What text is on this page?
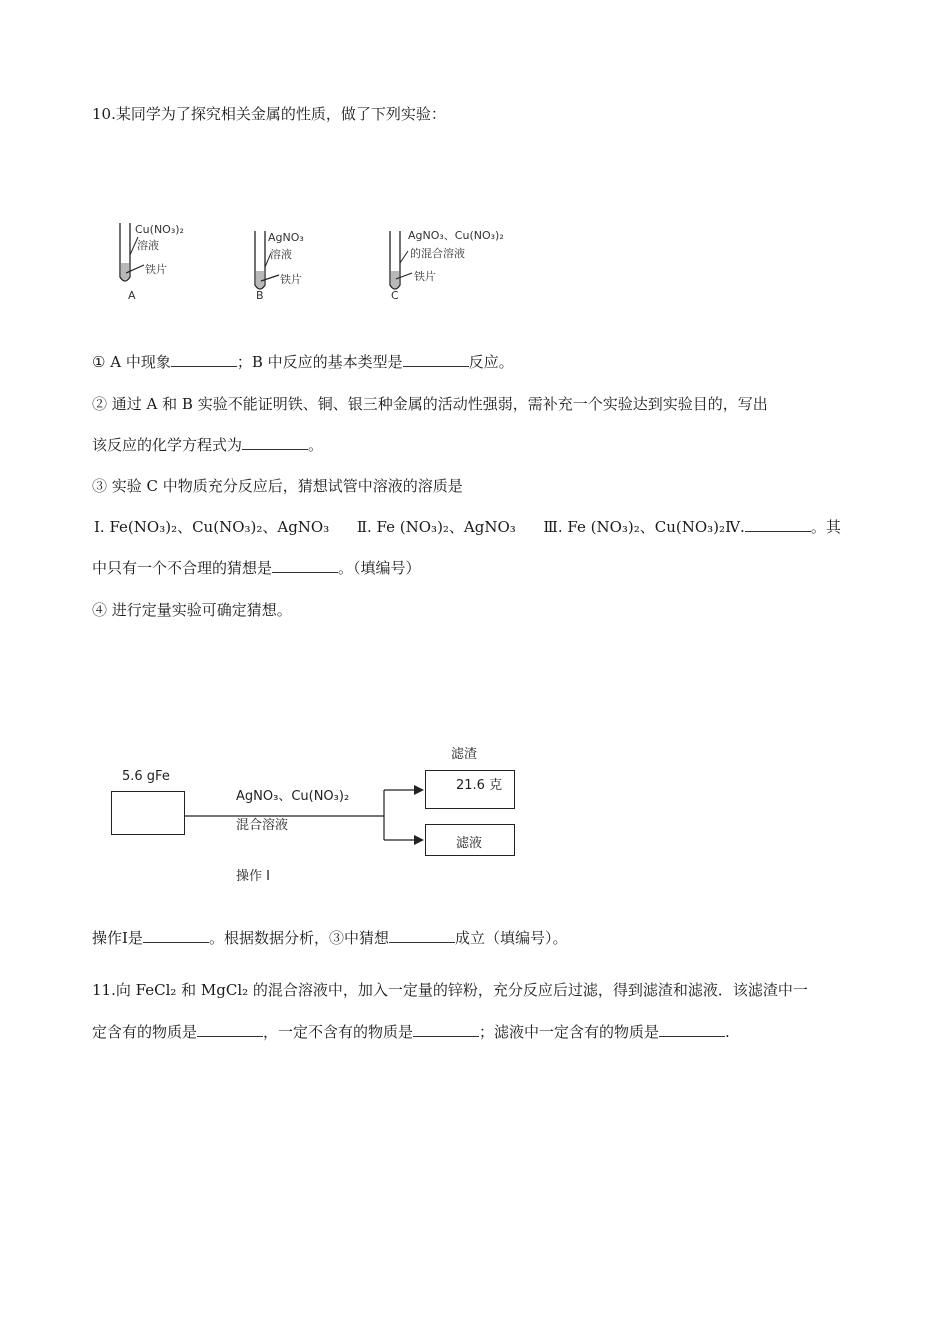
10.某同学为了探究相关金属的性质，做了下列实验：
Cu(NO₃)₂
溶液
铁片
A
AgNO₃
溶液
铁片
B
AgNO₃、Cu(NO₃)₂
的混合溶液
铁片
C
① A 中现象	；B 中反应的基本类型是	反应。
② 通过 A 和 B 实验不能证明铁、铜、银三种金属的活动性强弱，需补充一个实验达到实验目的，写出
该反应的化学方程式为	。
③ 实验 C 中物质充分反应后，猜想试管中溶液的溶质是
Ⅰ. Fe(NO₃)₂、Cu(NO₃)₂、AgNO₃ Ⅱ. Fe (NO₃)₂、AgNO₃ Ⅲ. Fe (NO₃)₂、Cu(NO₃)₂Ⅳ.	。其
中只有一个不合理的猜想是	。（填编号）
④ 进行定量实验可确定猜想。
5.6 gFe
AgNO₃、Cu(NO₃)₂
混合溶液
操作 I
滤渣
21.6 克
滤液
操作Ⅰ是	。根据数据分析，③中猜想	成立（填编号）。
11.向 FeCl₂ 和 MgCl₂ 的混合溶液中，加入一定量的锌粉，充分反应后过滤，得到滤渣和滤液．该滤渣中一
定含有的物质是	，一定不含有的物质是	；滤液中一定含有的物质是	.
